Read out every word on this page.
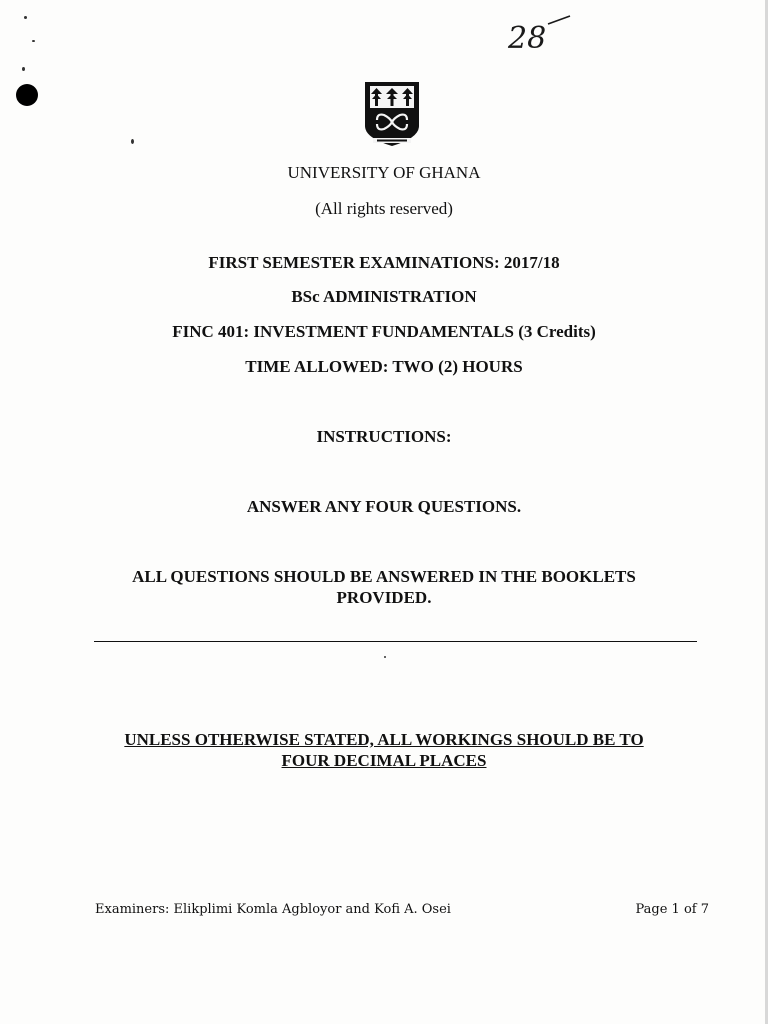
28
UNIVERSITY OF GHANA
(All rights reserved)
FIRST SEMESTER EXAMINATIONS: 2017/18
BSc ADMINISTRATION
FINC 401: INVESTMENT FUNDAMENTALS (3 Credits)
TIME ALLOWED: TWO (2) HOURS
INSTRUCTIONS:
ANSWER ANY FOUR QUESTIONS.
ALL QUESTIONS SHOULD BE ANSWERED IN THE BOOKLETS
PROVIDED.
UNLESS OTHERWISE STATED, ALL WORKINGS SHOULD BE TO
FOUR DECIMAL PLACES
Examiners: Elikplimi Komla Agbloyor and Kofi A. Osei	Page 1 of 7
